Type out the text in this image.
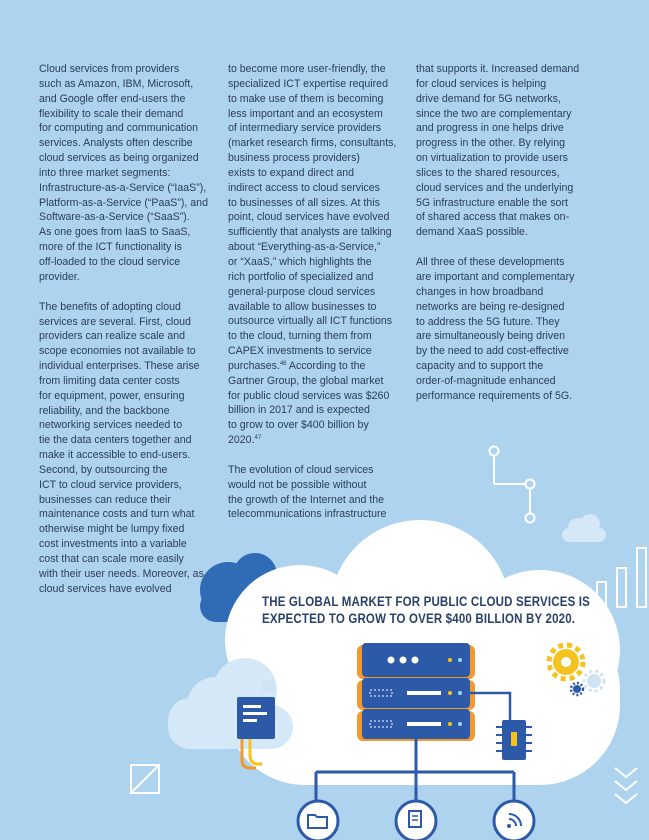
Cloud services from providers
such as Amazon, IBM, Microsoft,
and Google offer end-users the
flexibility to scale their demand
for computing and communication
services. Analysts often describe
cloud services as being organized
into three market segments:
Infrastructure-as-a-Service (“IaaS”),
Platform-as-a-Service (“PaaS”), and
Software-as-a-Service (“SaaS”).
As one goes from IaaS to SaaS,
more of the ICT functionality is
off-loaded to the cloud service
provider.

The benefits of adopting cloud
services are several. First, cloud
providers can realize scale and
scope economies not available to
individual enterprises. These arise
from limiting data center costs
for equipment, power, ensuring
reliability, and the backbone
networking services needed to
tie the data centers together and
make it accessible to end-users.
Second, by outsourcing the
ICT to cloud service providers,
businesses can reduce their
maintenance costs and turn what
otherwise might be lumpy fixed
cost investments into a variable
cost that can scale more easily
with their user needs. Moreover, as
cloud services have evolved

to become more user-friendly, the
specialized ICT expertise required
to make use of them is becoming
less important and an ecosystem
of intermediary service providers
(market research firms, consultants,
business process providers)
exists to expand direct and
indirect access to cloud services
to businesses of all sizes. At this
point, cloud services have evolved
sufficiently that analysts are talking
about “Everything-as-a-Service,”
or “XaaS,” which highlights the
rich portfolio of specialized and
general-purpose cloud services
available to allow businesses to
outsource virtually all ICT functions
to the cloud, turning them from
CAPEX investments to service
purchases.$^{46}$ According to the
Gartner Group, the global market
for public cloud services was $260
billion in 2017 and is expected
to grow to over $400 billion by
2020.47

The evolution of cloud services
would not be possible without
the growth of the Internet and the
telecommunications infrastructure

that supports it. Increased demand
for cloud services is helping
drive demand for 5G networks,
since the two are complementary
and progress in one helps drive
progress in the other. By relying
on virtualization to provide users
slices to the shared resources,
cloud services and the underlying
5G infrastructure enable the sort
of shared access that makes on-
demand XaaS possible.

All three of these developments
are important and complementary
changes in how broadband
networks are being re-designed
to address the 5G future. They
are simultaneously being driven
by the need to add cost-effective
capacity and to support the
order-of-magnitude enhanced
performance requirements of 5G.

THE GLOBAL MARKET FOR PUBLIC CLOUD SERVICES IS
EXPECTED TO GROW TO OVER $400 BILLION BY 2020.
